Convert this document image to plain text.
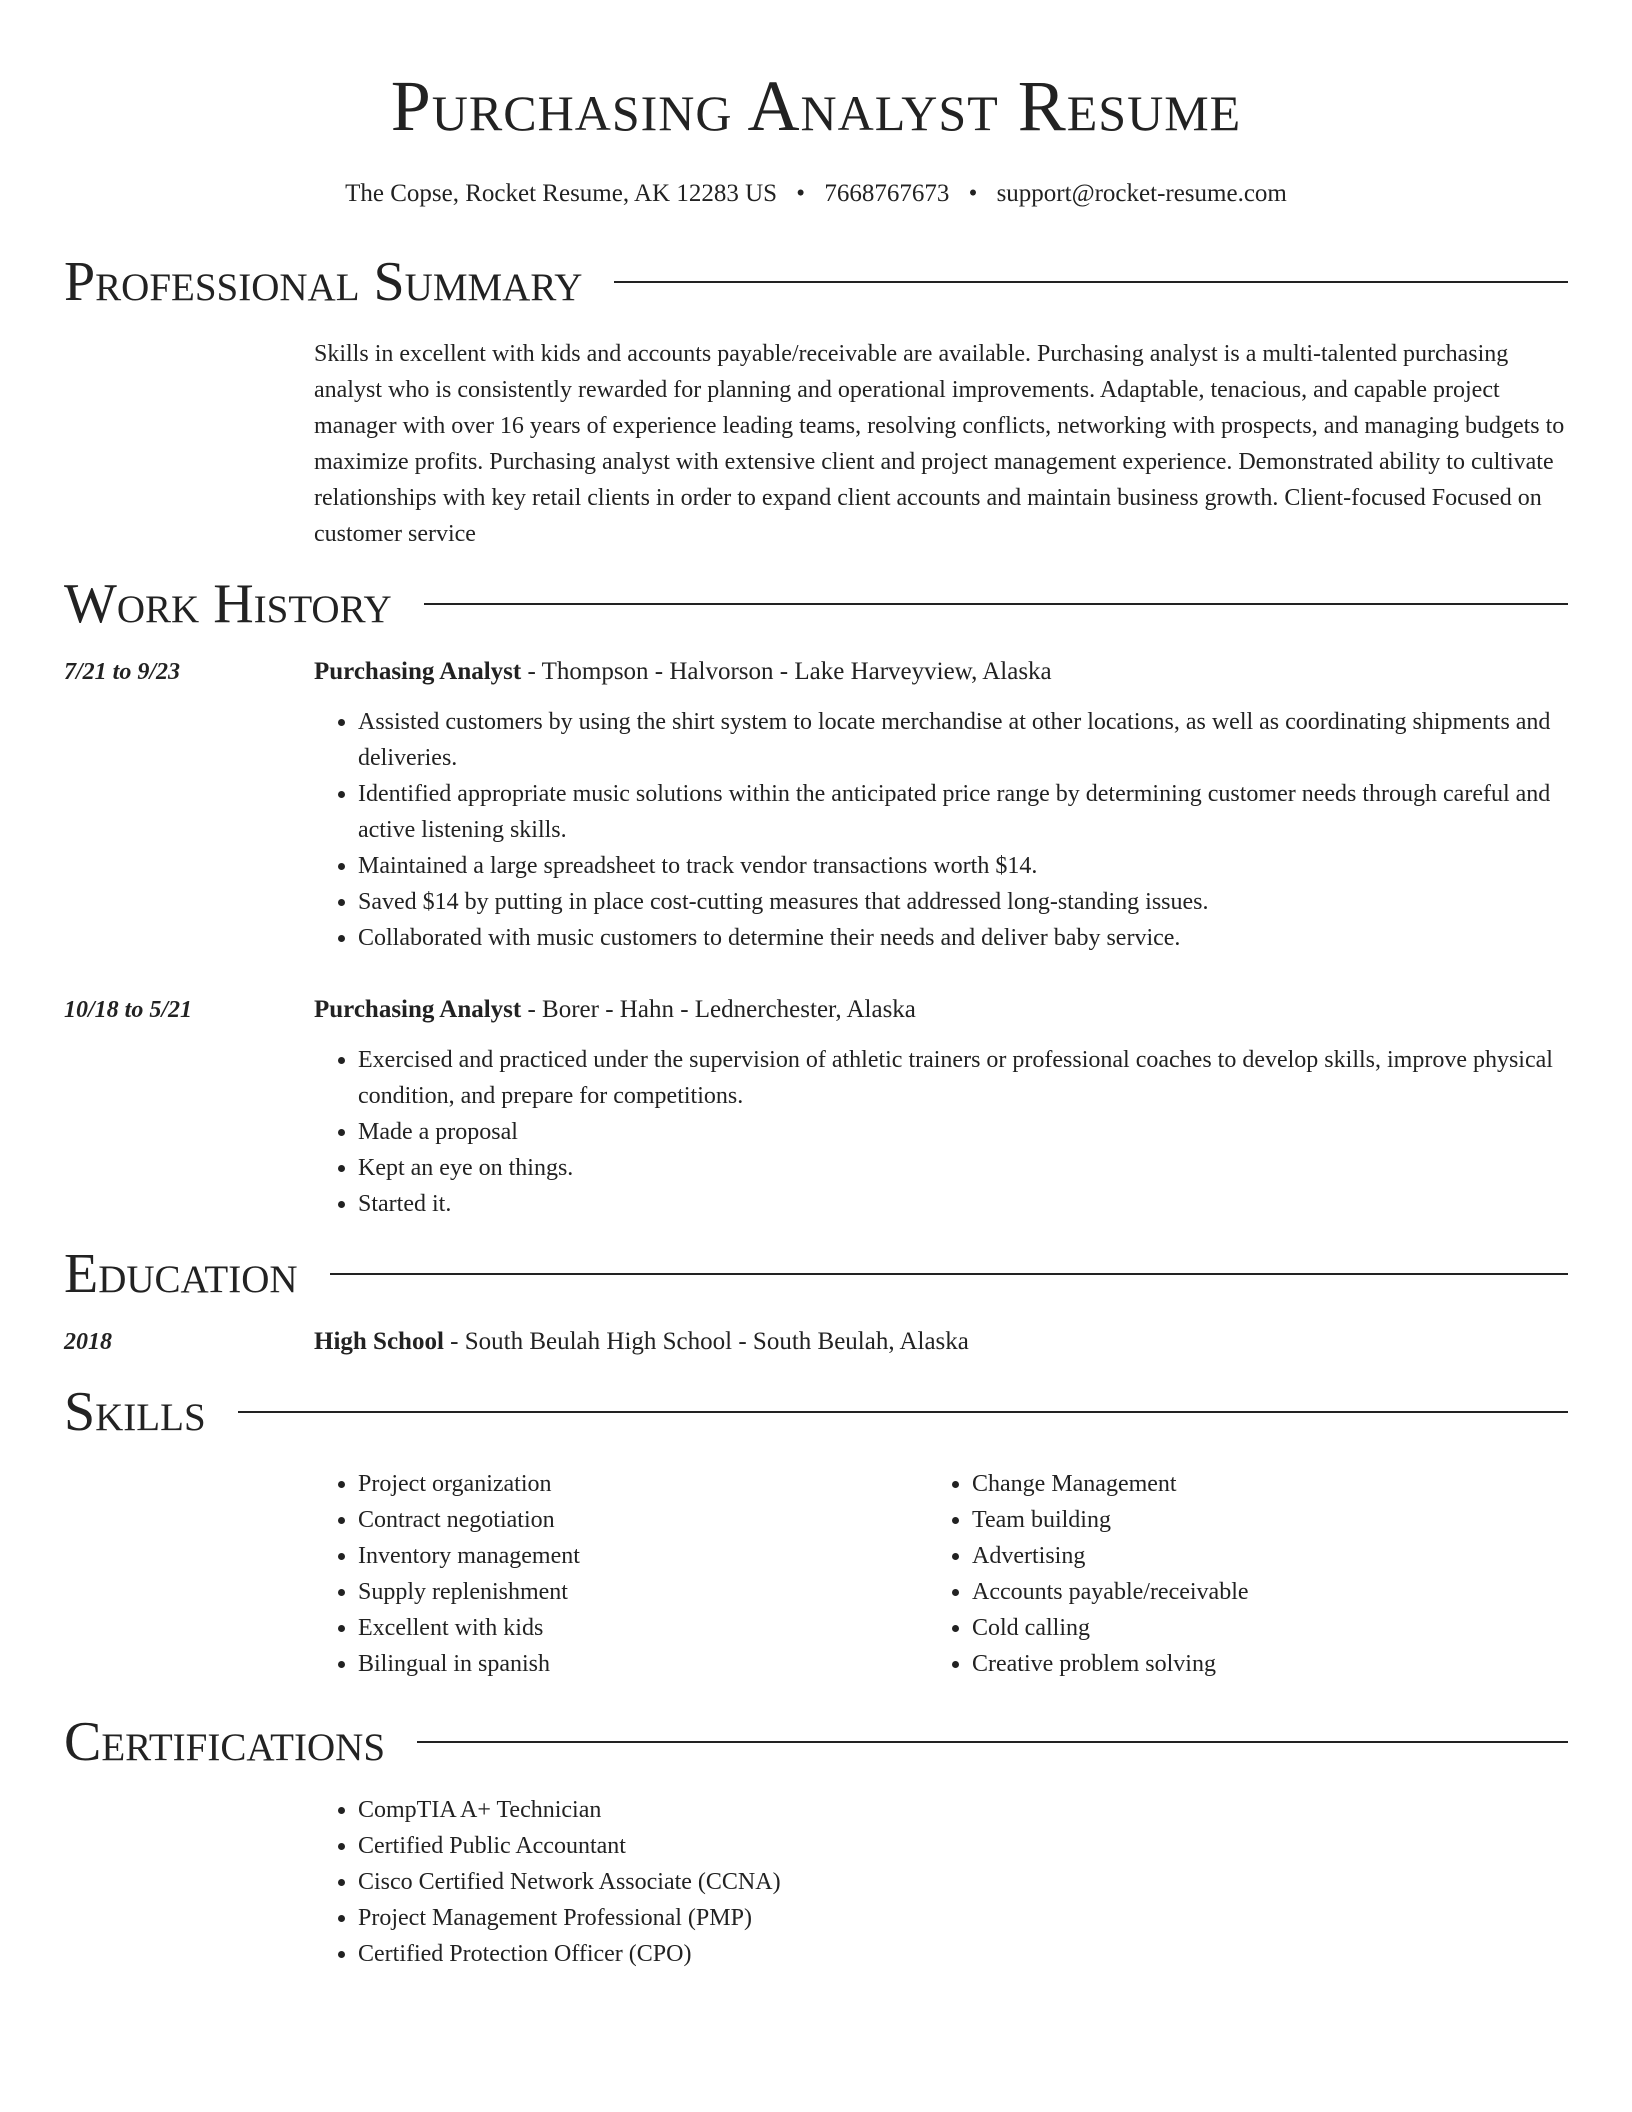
Purchasing Analyst Resume
The Copse, Rocket Resume, AK 12283 US • 7668767673 • support@rocket-resume.com
Professional Summary
Skills in excellent with kids and accounts payable/receivable are available. Purchasing analyst is a multi-talented purchasing analyst who is consistently rewarded for planning and operational improvements. Adaptable, tenacious, and capable project manager with over 16 years of experience leading teams, resolving conflicts, networking with prospects, and managing budgets to maximize profits. Purchasing analyst with extensive client and project management experience. Demonstrated ability to cultivate relationships with key retail clients in order to expand client accounts and maintain business growth. Client-focused Focused on customer service
Work History
7/21 to 9/23	Purchasing Analyst - Thompson - Halvorson - Lake Harveyview, Alaska
• Assisted customers by using the shirt system to locate merchandise at other locations, as well as coordinating shipments and deliveries.
• Identified appropriate music solutions within the anticipated price range by determining customer needs through careful and active listening skills.
• Maintained a large spreadsheet to track vendor transactions worth $14.
• Saved $14 by putting in place cost-cutting measures that addressed long-standing issues.
• Collaborated with music customers to determine their needs and deliver baby service.
10/18 to 5/21	Purchasing Analyst - Borer - Hahn - Lednerchester, Alaska
• Exercised and practiced under the supervision of athletic trainers or professional coaches to develop skills, improve physical condition, and prepare for competitions.
• Made a proposal
• Kept an eye on things.
• Started it.
Education
2018	High School - South Beulah High School - South Beulah, Alaska
Skills
• Project organization
• Contract negotiation
• Inventory management
• Supply replenishment
• Excellent with kids
• Bilingual in spanish
• Change Management
• Team building
• Advertising
• Accounts payable/receivable
• Cold calling
• Creative problem solving
Certifications
• CompTIA A+ Technician
• Certified Public Accountant
• Cisco Certified Network Associate (CCNA)
• Project Management Professional (PMP)
• Certified Protection Officer (CPO)
